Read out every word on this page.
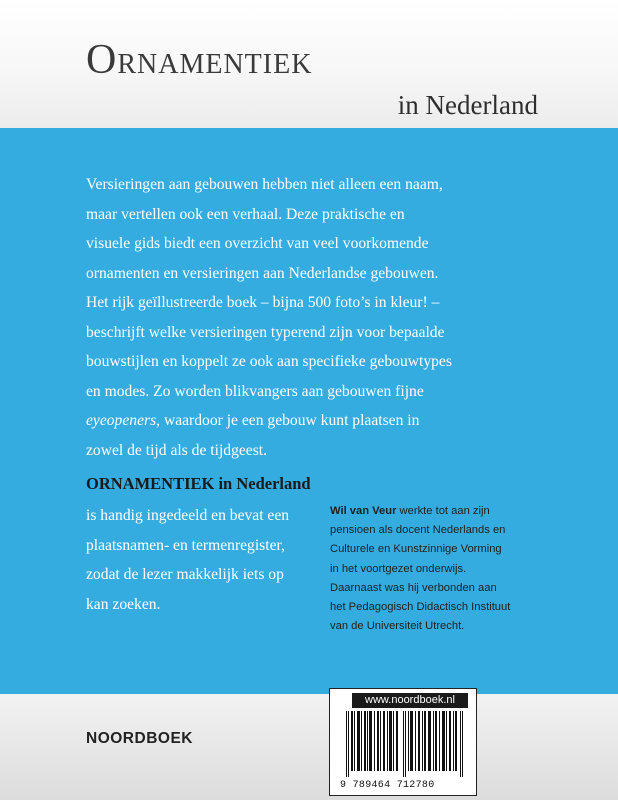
ORNAMENTIEK
in Nederland
Versieringen aan gebouwen hebben niet alleen een naam,
maar vertellen ook een verhaal. Deze praktische en
visuele gids biedt een overzicht van veel voorkomende
ornamenten en versieringen aan Nederlandse gebouwen.
Het rijk geïllustreerde boek – bijna 500 foto’s in kleur! –
beschrijft welke versieringen typerend zijn voor bepaalde
bouwstijlen en koppelt ze ook aan specifieke gebouwtypes
en modes. Zo worden blikvangers aan gebouwen fijne
eyeopeners, waardoor je een gebouw kunt plaatsen in
zowel de tijd als de tijdgeest.
ORNAMENTIEK in Nederland
is handig ingedeeld en bevat een
plaatsnamen- en termenregister,
zodat de lezer makkelijk iets op
kan zoeken.
Wil van Veur werkte tot aan zijn
pensioen als docent Nederlands en
Culturele en Kunstzinnige Vorming
in het voortgezet onderwijs.
Daarnaast was hij verbonden aan
het Pedagogisch Didactisch Instituut
van de Universiteit Utrecht.
NOORDBOEK
www.noordboek.nl
9 789464 712780
